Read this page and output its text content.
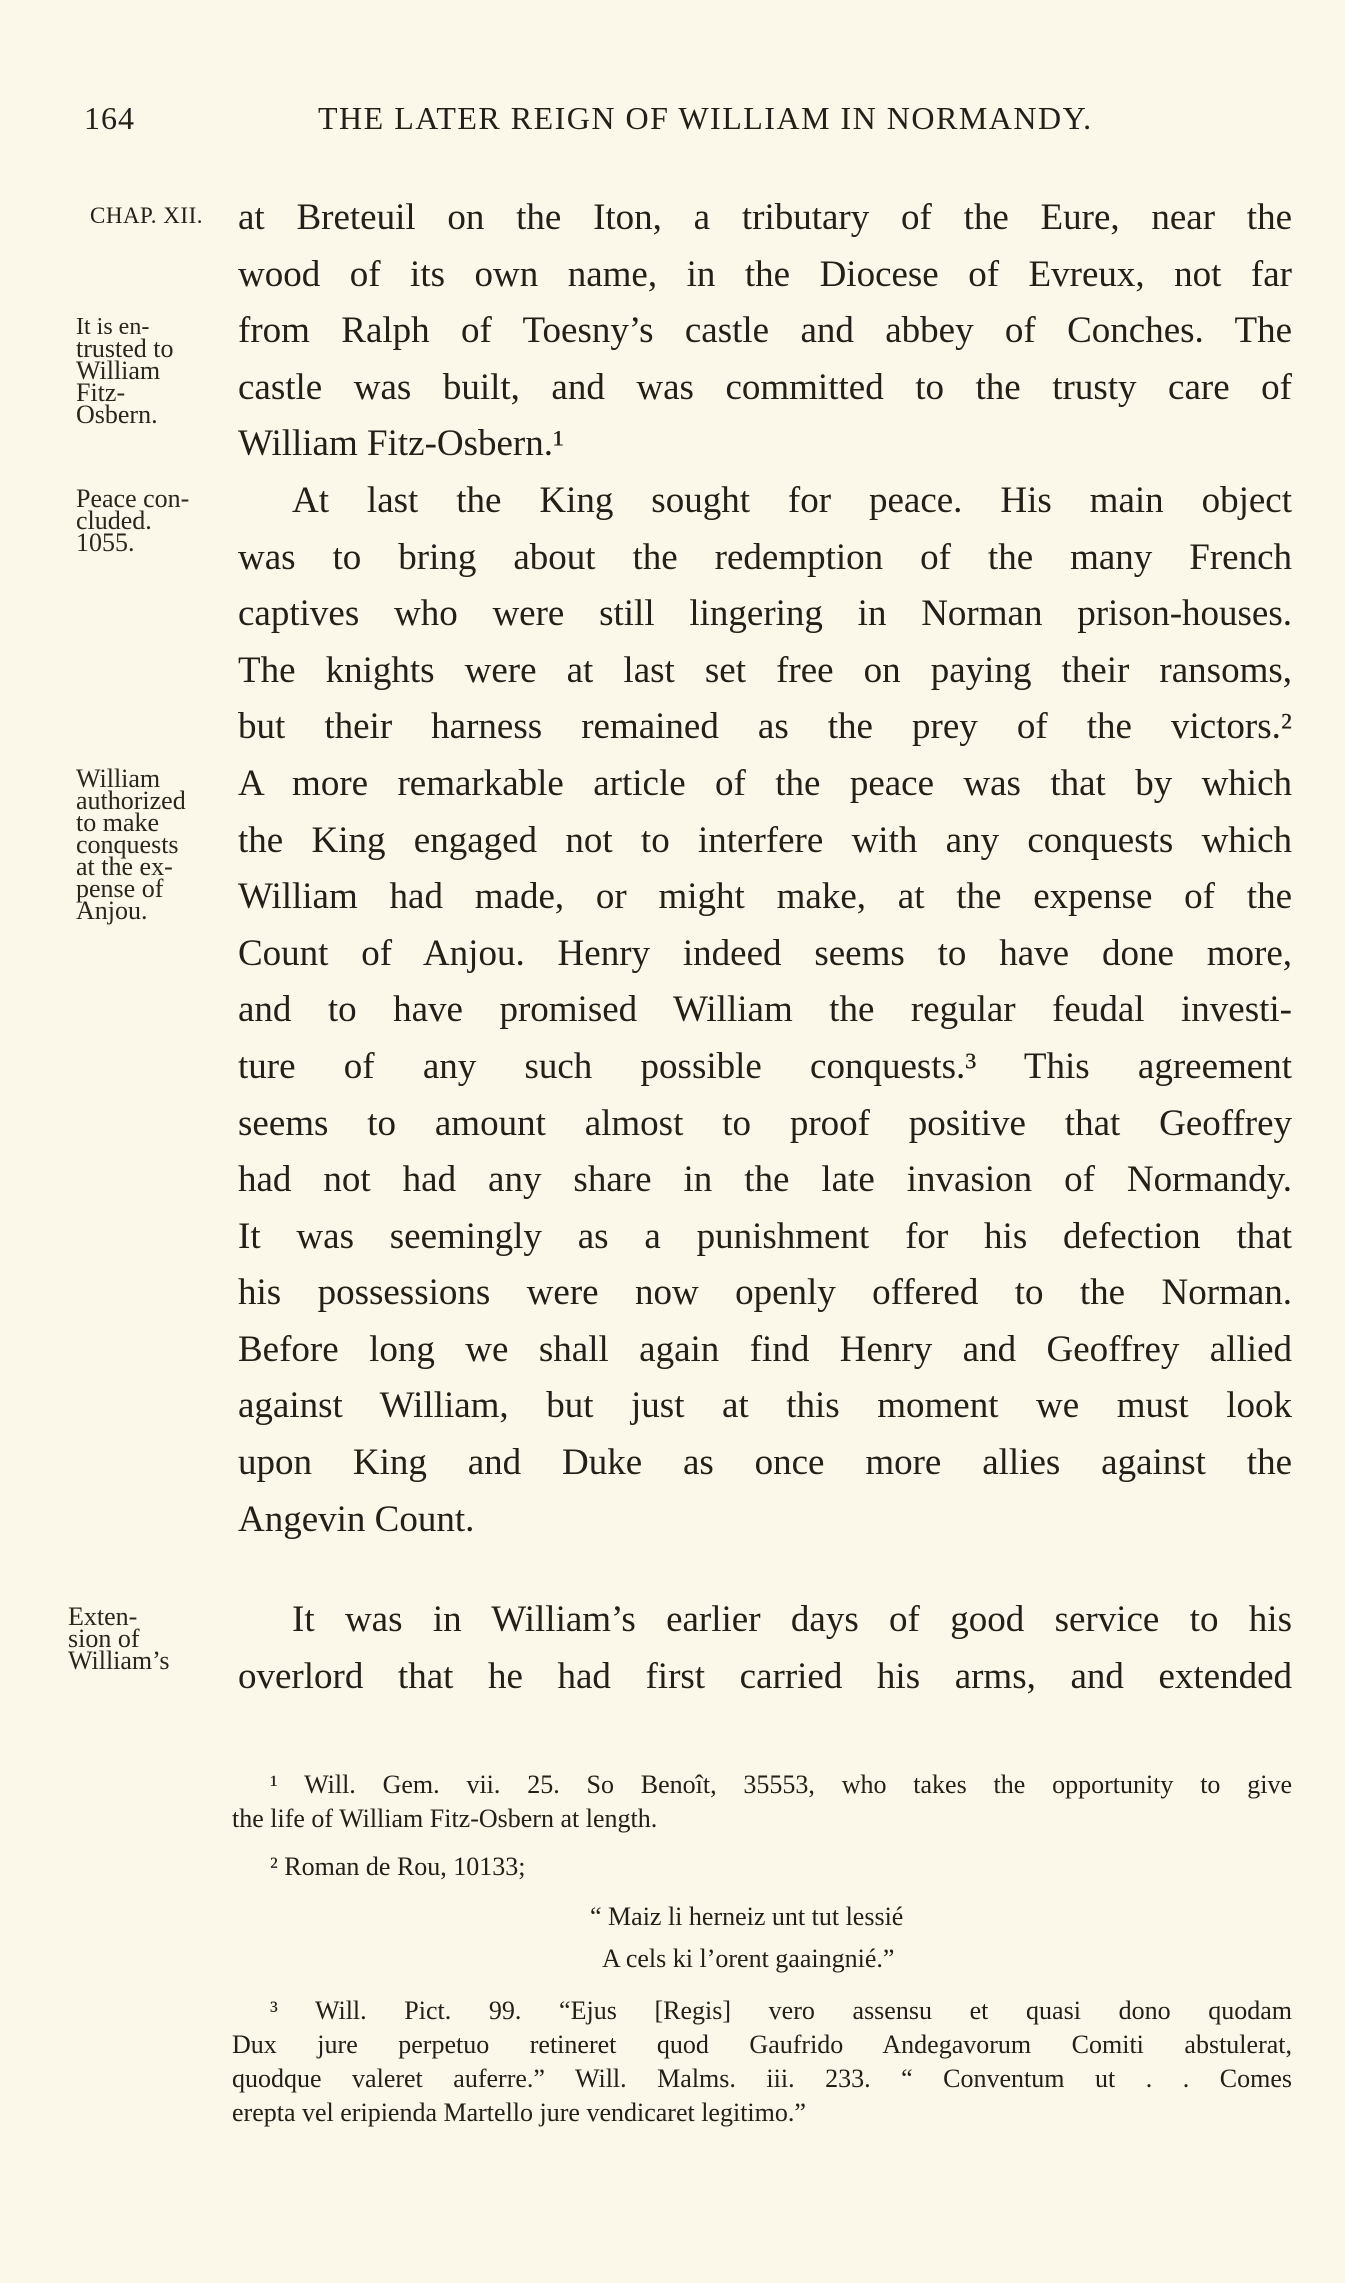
164	THE LATER REIGN OF WILLIAM IN NORMANDY.
CHAP. XII.
It is en-
trusted to
William
Fitz-
Osbern.
Peace con-
cluded.
1055.
William
authorized
to make
conquests
at the ex-
pense of
Anjou.
Exten-
sion of
William’s
at Breteuil on the Iton, a tributary of the Eure, near the
wood of its own name, in the Diocese of Evreux, not far
from Ralph of Toesny’s castle and abbey of Conches. The
castle was built, and was committed to the trusty care of
William Fitz-Osbern.¹
At last the King sought for peace. His main object
was to bring about the redemption of the many French
captives who were still lingering in Norman prison-houses.
The knights were at last set free on paying their ransoms,
but their harness remained as the prey of the victors.²
A more remarkable article of the peace was that by which
the King engaged not to interfere with any conquests which
William had made, or might make, at the expense of the
Count of Anjou. Henry indeed seems to have done more,
and to have promised William the regular feudal investi-
ture of any such possible conquests.³ This agreement
seems to amount almost to proof positive that Geoffrey
had not had any share in the late invasion of Normandy.
It was seemingly as a punishment for his defection that
his possessions were now openly offered to the Norman.
Before long we shall again find Henry and Geoffrey allied
against William, but just at this moment we must look
upon King and Duke as once more allies against the
Angevin Count.
It was in William’s earlier days of good service to his
overlord that he had first carried his arms, and extended
¹ Will. Gem. vii. 25. So Benoît, 35553, who takes the opportunity to give
the life of William Fitz-Osbern at length.
² Roman de Rou, 10133;
“ Maiz li herneiz unt tut lessié
A cels ki l’orent gaaingnié.”
³ Will. Pict. 99. “Ejus [Regis] vero assensu et quasi dono quodam
Dux jure perpetuo retineret quod Gaufrido Andegavorum Comiti abstulerat,
quodque valeret auferre.” Will. Malms. iii. 233. “ Conventum ut . . Comes
erepta vel eripienda Martello jure vendicaret legitimo.”
